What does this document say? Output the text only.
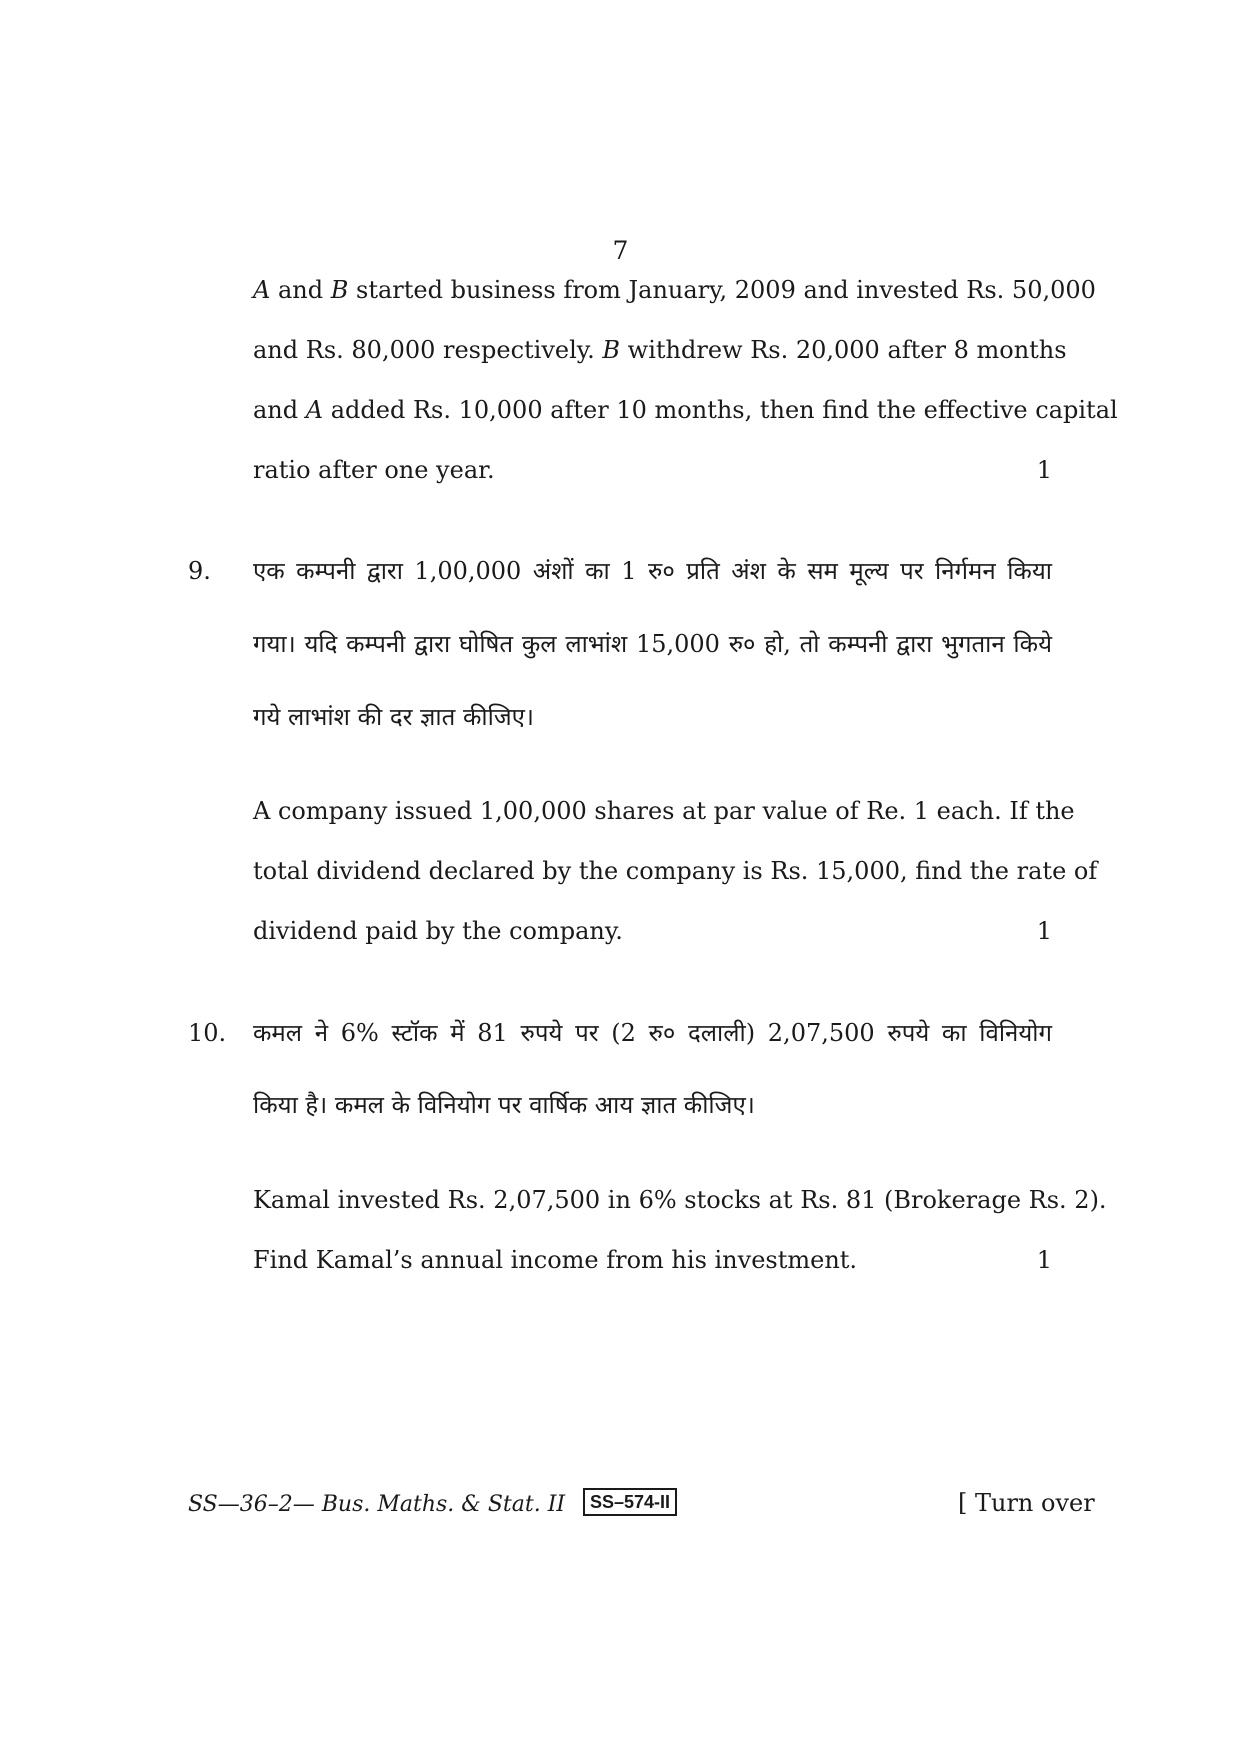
7
A and B started business from January, 2009 and invested Rs. 50,000
and Rs. 80,000 respectively. B withdrew Rs. 20,000 after 8 months
and A added Rs. 10,000 after 10 months, then find the effective capital
ratio after one year.	1
9. एक कम्पनी द्वारा 1,00,000 अंशों का 1 रु० प्रति अंश के सम मूल्य पर निर्गमन किया
गया। यदि कम्पनी द्वारा घोषित कुल लाभांश 15,000 रु० हो, तो कम्पनी द्वारा भुगतान किये
गये लाभांश की दर ज्ञात कीजिए।
A company issued 1,00,000 shares at par value of Re. 1 each. If the
total dividend declared by the company is Rs. 15,000, find the rate of
dividend paid by the company.	1
10. कमल ने 6% स्टॉक में 81 रुपये पर (2 रु० दलाली) 2,07,500 रुपये का विनियोग
किया है। कमल के विनियोग पर वार्षिक आय ज्ञात कीजिए।
Kamal invested Rs. 2,07,500 in 6% stocks at Rs. 81 (Brokerage Rs. 2).
Find Kamal’s annual income from his investment.	1
SS—36–2— Bus. Maths. & Stat. II	SS–574-II	[ Turn over
